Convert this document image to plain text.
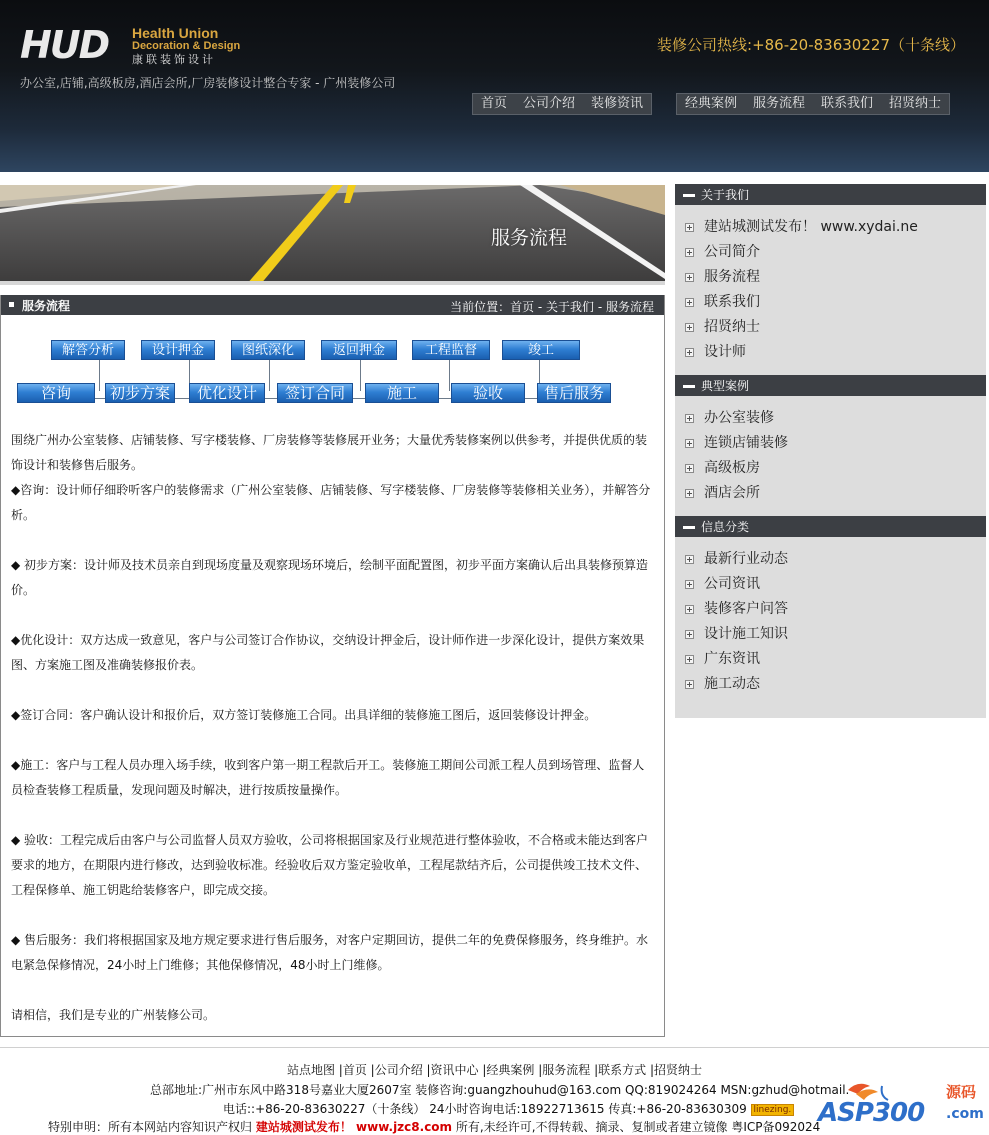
HUD Health Union
Decoration & Design
康联装饰设计
办公室,店铺,高级板房,酒店会所,厂房装修设计整合专家 - 广州装修公司
装修公司热线:+86-20-83630227（十条线）
首页	公司介绍	装修资讯	经典案例	服务流程	联系我们	招贤纳士
服务流程
服务流程	当前位置：首页 - 关于我们 - 服务流程
解答分析	设计押金	图纸深化	返回押金	工程监督	竣工
咨询	初步方案	优化设计	签订合同	施工	验收	售后服务

围绕广州办公室装修、店铺装修、写字楼装修、厂房装修等装修展开业务；大量优秀装修案例以供参考，并提供优质的装饰设计和装修售后服务。

◆咨询：设计师仔细聆听客户的装修需求（广州公室装修、店铺装修、写字楼装修、厂房装修等装修相关业务），并解答分析。

◆ 初步方案：设计师及技术员亲自到现场度量及观察现场环境后，绘制平面配置图，初步平面方案确认后出具装修预算造价。

◆优化设计：双方达成一致意见，客户与公司签订合作协议，交纳设计押金后，设计师作进一步深化设计，提供方案效果图、方案施工图及准确装修报价表。

◆签订合同：客户确认设计和报价后，双方签订装修施工合同。出具详细的装修施工图后，返回装修设计押金。

◆施工：客户与工程人员办理入场手续，收到客户第一期工程款后开工。装修施工期间公司派工程人员到场管理、监督人员检查装修工程质量，发现问题及时解决，进行按质按量操作。

◆ 验收：工程完成后由客户与公司监督人员双方验收，公司将根据国家及行业规范进行整体验收，不合格或未能达到客户要求的地方，在期限内进行修改，达到验收标准。经验收后双方鉴定验收单，工程尾款结齐后，公司提供竣工技术文件、工程保修单、施工钥匙给装修客户，即完成交接。

◆ 售后服务：我们将根据国家及地方规定要求进行售后服务，对客户定期回访，提供二年的免费保修服务，终身维护。水电紧急保修情况，24小时上门维修；其他保修情况，48小时上门维修。

请相信，我们是专业的广州装修公司。

关于我们
建站城测试发布！ www.xydai.ne
公司简介
服务流程
联系我们
招贤纳士
设计师
典型案例
办公室装修
连锁店铺装修
高级板房
酒店会所
信息分类
最新行业动态
公司资讯
装修客户问答
设计施工知识
广东资讯
施工动态
站点地图 |首页 |公司介绍 |资讯中心 |经典案例 |服务流程 |联系方式 |招贤纳士
总部地址:广州市东风中路318号嘉业大厦2607室 装修咨询:guangzhouhud@163.com QQ:819024264 MSN:gzhud@hotmail.
电话::+86-20-83630227（十条线） 24小时咨询电话:18922713615 传真:+86-20-83630309 linezing.
特别申明：所有本网站内容知识产权归 建站城测试发布！ www.jzc8.com 所有,未经许可,不得转载、摘录、复制或者建立镜像 粤ICP备092024
ASP300
源码
.com
